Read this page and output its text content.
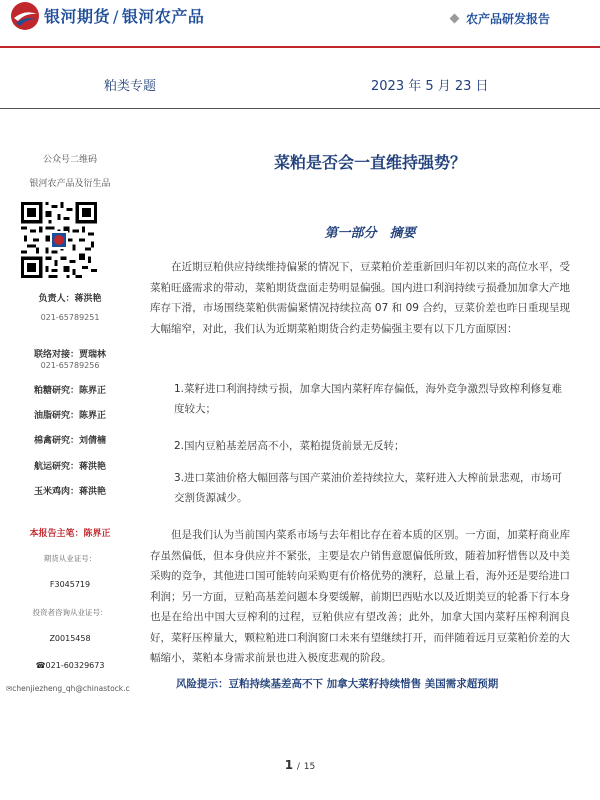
银河期货 / 银河农产品	农产品研发报告
粕类专题	2023 年 5 月 23 日
公众号二维码
银河农产品及衍生品
负责人：蒋洪艳
021-65789251
联络对接：贾瑞林
021-65789256
粕糖研究：陈界正
油脂研究：陈界正
棉禽研究：刘倩楠
航运研究：蒋洪艳
玉米鸡肉：蒋洪艳
本报告主笔：陈界正
期货从业证号：
F3045719
投资者咨询从业证号：
Z0015458
☎021-60329673
✉chenjiezheng_qh@chinastock.c
菜粕是否会一直维持强势？
第一部分　摘要
在近期豆粕供应持续维持偏紧的情况下，豆菜粕价差重新回归年初以来的高位水平，受菜粕旺盛需求的带动，菜粕期货盘面走势明显偏强。国内进口利润持续亏损叠加加拿大产地库存下滑，市场围绕菜粕供需偏紧情况持续拉高 07 和 09 合约，豆菜价差也昨日重现呈现大幅缩窄，对此，我们认为近期菜粕期货合约走势偏强主要有以下几方面原因：
1.菜籽进口利润持续亏损，加拿大国内菜籽库存偏低，海外竞争激烈导致榨利修复难度较大；
2.国内豆粕基差居高不小，菜粕提货前景无反转；
3.进口菜油价格大幅回落与国产菜油价差持续拉大，菜籽进入大榨前景悲观，市场可交割货源减少。
但是我们认为当前国内菜系市场与去年相比存在着本质的区别。一方面，加菜籽商业库存虽然偏低，但本身供应并不紧张，主要是农户销售意愿偏低所致，随着加籽惜售以及中美采购的竞争，其他进口国可能转向采购更有价格优势的澳籽，总量上看，海外还是要给进口利润；另一方面，豆粕高基差问题本身要缓解，前期巴西贴水以及近期美豆的轮番下行本身也是在给出中国大豆榨利的过程，豆粕供应有望改善；此外，加拿大国内菜籽压榨利润良好，菜籽压榨量大，颗粒粕进口利润窗口未来有望继续打开，而伴随着远月豆菜粕价差的大幅缩小，菜粕本身需求前景也进入极度悲观的阶段。
风险提示：豆粕持续基差高不下 加拿大菜籽持续惜售 美国需求超预期
1 / 15
